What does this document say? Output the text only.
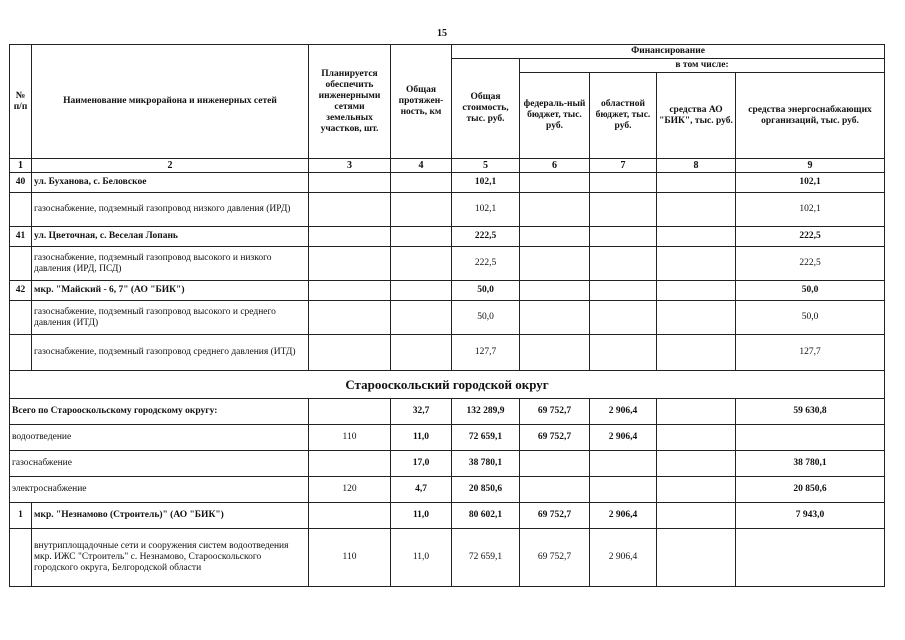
15
№ п/п	Наименование микрорайона и инженерных сетей	Планируется обеспечить инженерными сетями земельных участков, шт.	Общая протяжен-ность, км	Финансирование				
				Общая стоимость, тыс. руб.	в том числе:			
					федераль-ный бюджет, тыс. руб.	областной бюджет, тыс. руб.	средства АО "БИК", тыс. руб.	средства энергоснабжающих организаций, тыс. руб.
1	2	3	4	5	6	7	8	9
40	ул. Буханова, с. Беловское			102,1				102,1
	газоснабжение, подземный газопровод низкого давления (ИРД)			102,1				102,1
41	ул. Цветочная, с. Веселая Лопань			222,5				222,5
	газоснабжение, подземный газопровод высокого и низкого давления (ИРД, ПСД)			222,5				222,5
42	мкр. "Майский - 6, 7" (АО "БИК")			50,0				50,0
	газоснабжение, подземный газопровод высокого и среднего давления (ИТД)			50,0				50,0
	газоснабжение, подземный газопровод среднего давления (ИТД)			127,7				127,7
Старооскольский городской округ								
Всего по Старооскольскому городскому округу:			32,7	132 289,9	69 752,7	2 906,4		59 630,8
водоотведение		110	11,0	72 659,1	69 752,7	2 906,4		
газоснабжение			17,0	38 780,1				38 780,1
электроснабжение		120	4,7	20 850,6				20 850,6
1	мкр. "Незнамово (Строитель)" (АО "БИК")		11,0	80 602,1	69 752,7	2 906,4		7 943,0
	внутриплощадочные сети и сооружения систем водоотведения мкр. ИЖС "Строитель" с. Незнамово, Старооскольского городского округа, Белгородской области	110	11,0	72 659,1	69 752,7	2 906,4		
